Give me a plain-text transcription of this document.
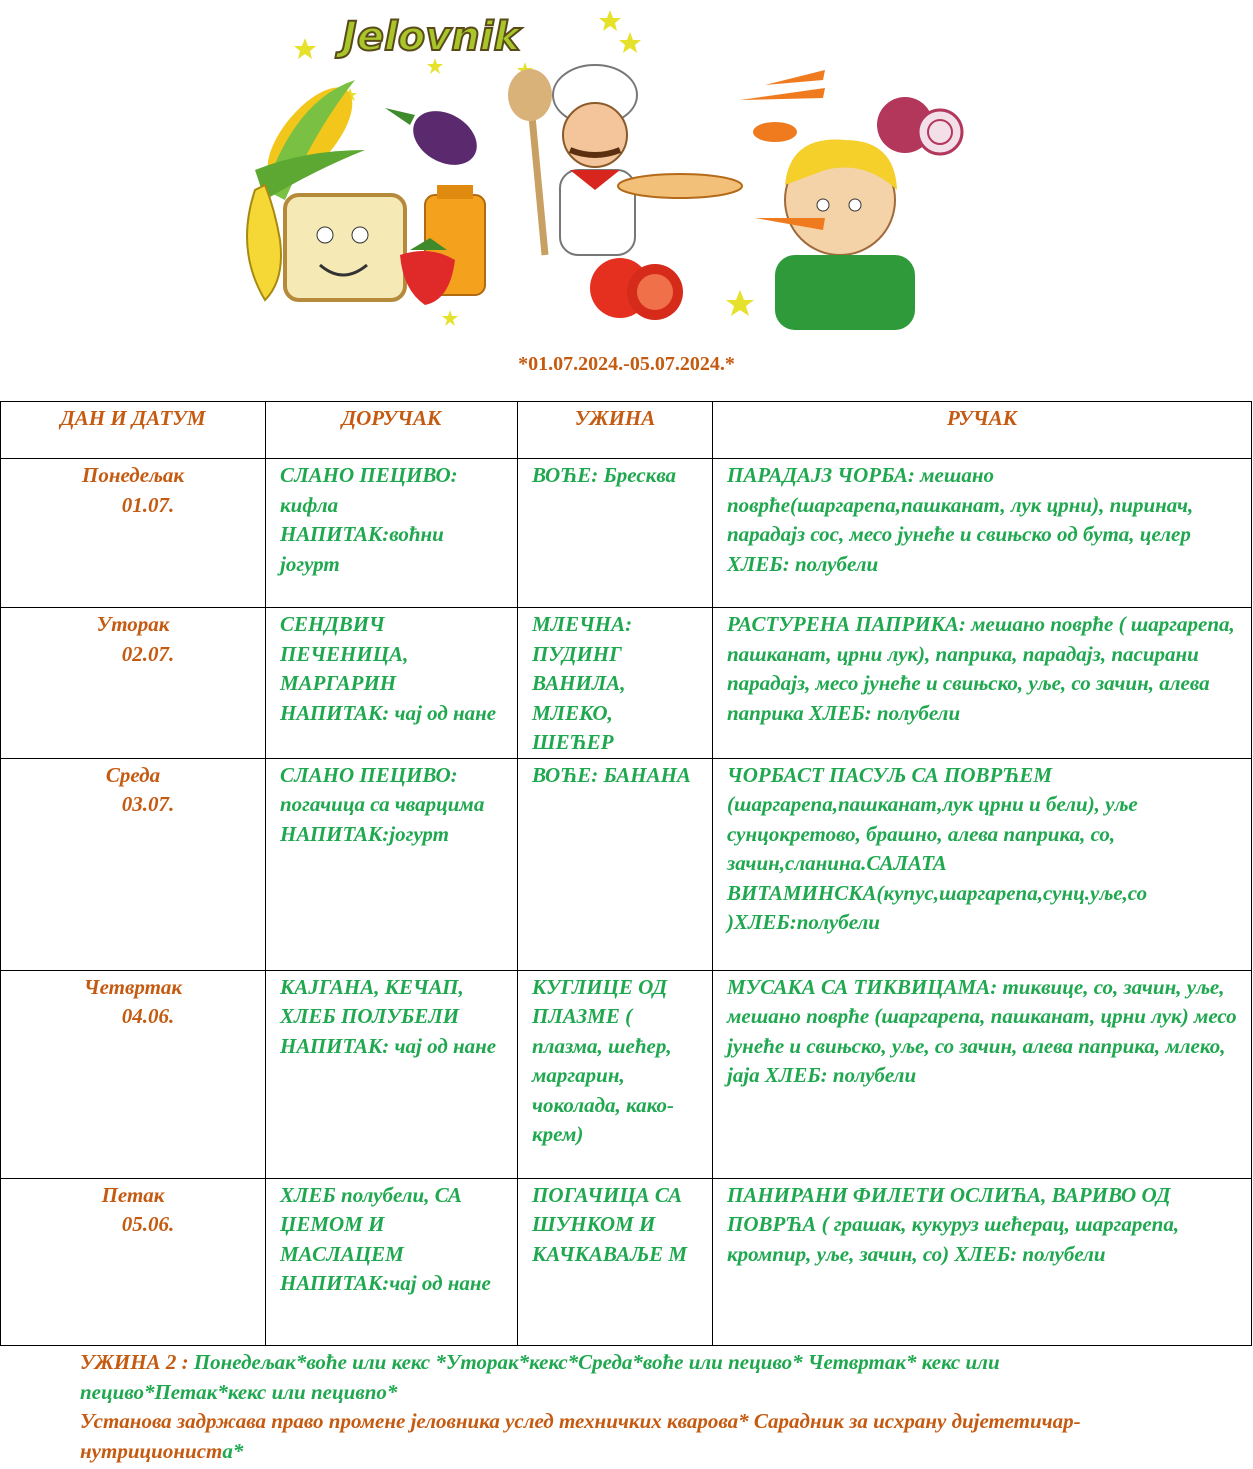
Jelovnik
*01.07.2024.-05.07.2024.*
ДАН И ДАТУМ	ДОРУЧАК	УЖИНА	РУЧАК

Понедељак
01.07.	СЛАНО ПЕЦИВО: кифла НАПИТАК:воћни јогурт	ВОЋЕ: Бресква	ПАРАДАЈЗ ЧОРБА: мешано поврће(шаргарепа,пашканат, лук црни), пиринач, парадајз сос, месо јунеће и свињско од бута, целер ХЛЕБ: полубели

Уторак
02.07.	СЕНДВИЧ ПЕЧЕНИЦА, МАРГАРИН НАПИТАК: чај од нане	МЛЕЧНА: ПУДИНГ ВАНИЛА, МЛЕКО, ШЕЋЕР	РАСТУРЕНА ПАПРИКА: мешано поврће ( шаргарепа, пашканат, црни лук), паприка, парадајз, пасирани парадајз, месо јунеће и свињско, уље, со зачин, алева паприка ХЛЕБ: полубели

Среда
03.07.	СЛАНО ПЕЦИВО: погачица са чварцима НАПИТАК:јогурт	ВОЋЕ: БАНАНА	ЧОРБАСТ ПАСУЉ СА ПОВРЋЕМ (шаргарепа,пашканат,лук црни и бели), уље сунцокретово, брашно, алева паприка, со, зачин,сланина.САЛАТА ВИТАМИНСКА(купус,шаргарепа,сунц.уље,со )ХЛЕБ:полубели

Четвртак
04.06.	КАЈГАНА, КЕЧАП, ХЛЕБ ПОЛУБЕЛИ НАПИТАК: чај од нане	КУГЛИЦЕ ОД ПЛАЗМЕ ( плазма, шећер, маргарин, чоколада, како-крем)	МУСАКА СА ТИКВИЦАМА: тиквице, со, зачин, уље, мешано поврће (шаргарепа, пашканат, црни лук) месо јунеће и свињско, уље, со зачин, алева паприка, млеко, јаја ХЛЕБ: полубели

Петак
05.06.	ХЛЕБ полубели, СА ЏЕМОМ И МАСЛАЦЕМ НАПИТАК:чај од нане	ПОГАЧИЦА СА ШУНКОМ И КАЧКАВАЉЕ М	ПАНИРАНИ ФИЛЕТИ ОСЛИЋА, ВАРИВО ОД ПОВРЋА ( грашак, кукуруз шећерац, шаргарепа, кромпир, уље, зачин, со) ХЛЕБ: полубели
УЖИНА 2 : Понедељак*воће или кекс *Уторак*кекс*Среда*воће или пециво* Четвртак* кекс или пециво*Петак*кекс или пецивпо*
Установа задржава право промене јеловника услед техничких кварова* Сарадник за исхрану дијететичар-нутрициониста*
